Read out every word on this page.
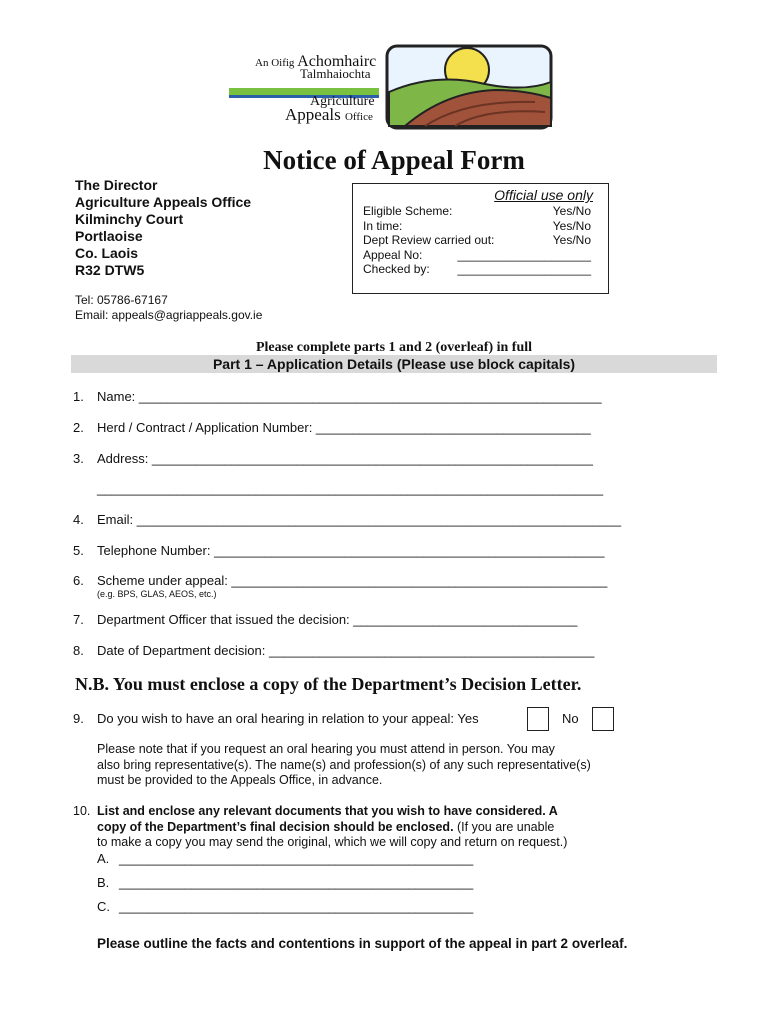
An Oifig Achomhairc
Talmhaiochta
Agriculture
Appeals Office
Notice of Appeal Form
The Director
Agriculture Appeals Office
Kilminchy Court
Portlaoise
Co. Laois
R32 DTW5
Official use only
Eligible Scheme:	Yes/No
In time:	Yes/No
Dept Review carried out:	Yes/No
Appeal No:	____________________
Checked by: ____________________
Tel: 05786-67167
Email: appeals@agriappeals.gov.ie
Please complete parts 1 and 2 (overleaf) in full
Part 1 – Application Details (Please use block capitals)
1. Name: ________________________________________________________________
2. Herd / Contract / Application Number: ______________________________________
3. Address: _____________________________________________________________
______________________________________________________________________
4. Email: ___________________________________________________________________
5. Telephone Number: ______________________________________________________
6. Scheme under appeal: ____________________________________________________
(e.g. BPS, GLAS, AEOS, etc.)
7. Department Officer that issued the decision: _______________________________
8. Date of Department decision: _____________________________________________
N.B. You must enclose a copy of the Department’s Decision Letter.
9. Do you wish to have an oral hearing in relation to your appeal: Yes	No
Please note that if you request an oral hearing you must attend in person. You may
also bring representative(s). The name(s) and profession(s) of any such representative(s)
must be provided to the Appeals Office, in advance.
10. List and enclose any relevant documents that you wish to have considered. A
copy of the Department’s final decision should be enclosed. (If you are unable
to make a copy you may send the original, which we will copy and return on request.)
A. _________________________________________________
B. _________________________________________________
C. _________________________________________________
Please outline the facts and contentions in support of the appeal in part 2 overleaf.
